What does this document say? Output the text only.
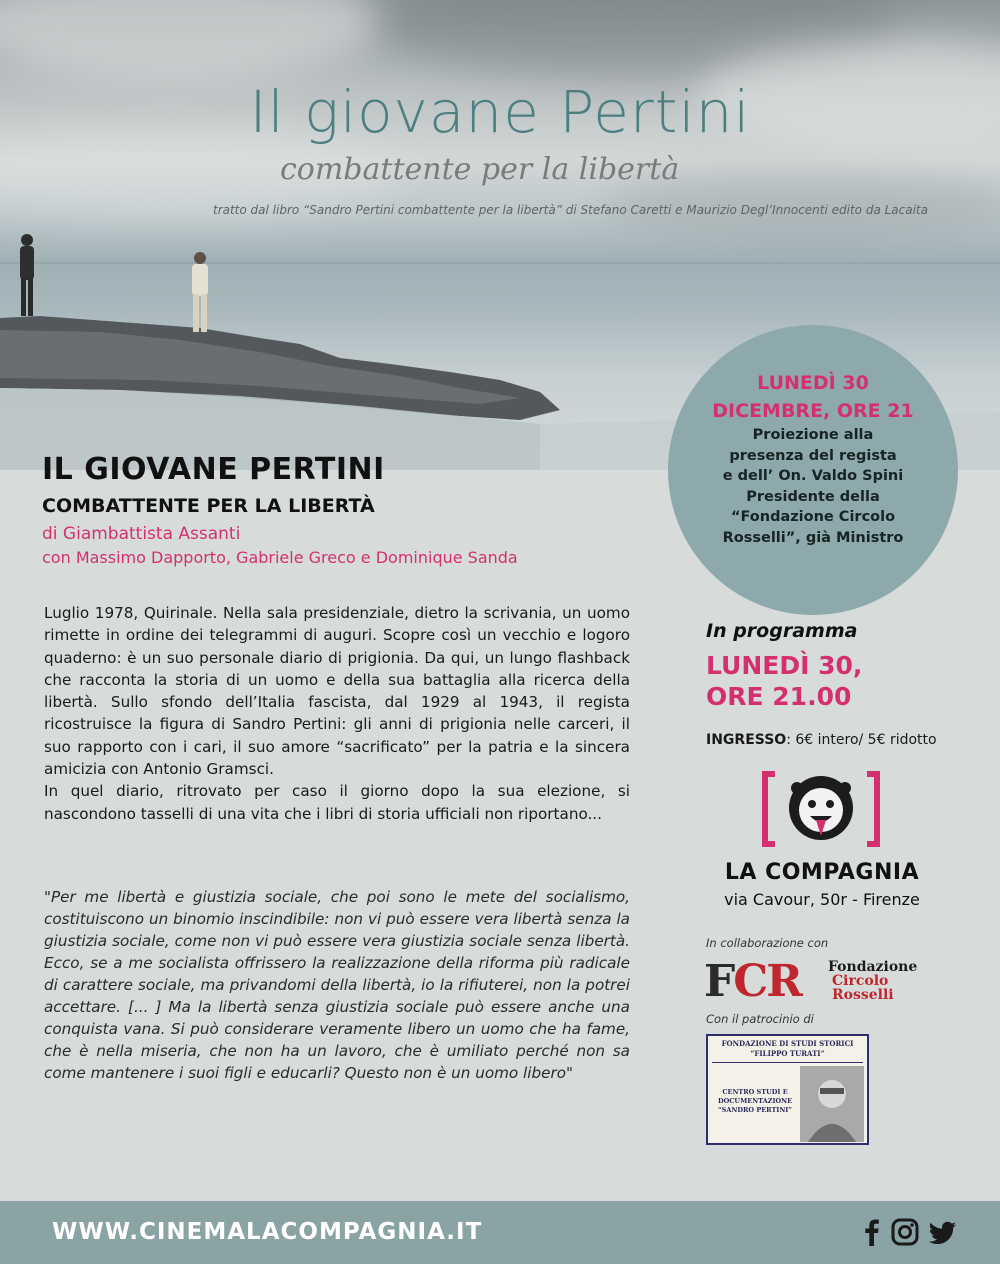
Il giovane Pertini
combattente per la libertà
tratto dal libro “Sandro Pertini combattente per la libertà” di Stefano Caretti e Maurizio Degl’Innocenti edito da Lacaita
IL GIOVANE PERTINI
COMBATTENTE PER LA LIBERTÀ
di Giambattista Assanti
con Massimo Dapporto, Gabriele Greco e Dominique Sanda

Luglio 1978, Quirinale. Nella sala presidenziale, dietro la scrivania, un uomo rimette in ordine dei telegrammi di auguri. Scopre così un vecchio e logoro quaderno: è un suo personale diario di prigionia. Da qui, un lungo flashback che racconta la storia di un uomo e della sua battaglia alla ricerca della libertà. Sullo sfondo dell’Italia fascista, dal 1929 al 1943, il regista ricostruisce la figura di Sandro Pertini: gli anni di prigionia nelle carceri, il suo rapporto con i cari, il suo amore “sacrificato” per la patria e la sincera amicizia con Antonio Gramsci.

In quel diario, ritrovato per caso il giorno dopo la sua elezione, si nascondono tasselli di una vita che i libri di storia ufficiali non riportano...

"Per me libertà e giustizia sociale, che poi sono le mete del socialismo, costituiscono un binomio inscindibile: non vi può essere vera libertà senza la giustizia sociale, come non vi può essere vera giustizia sociale senza libertà. Ecco, se a me socialista offrissero la realizzazione della riforma più radicale di carattere sociale, ma privandomi della libertà, io la rifiuterei, non la potrei accettare. [... ] Ma la libertà senza giustizia sociale può essere anche una conquista vana. Si può considerare veramente libero un uomo che ha fame, che è nella miseria, che non ha un lavoro, che è umiliato perché non sa come mantenere i suoi figli e educarli? Questo non è un uomo libero"
LUNEDÌ 30
DICEMBRE, ORE 21
Proiezione alla
presenza del regista
e dell’ On. Valdo Spini
Presidente della
“Fondazione Circolo
Rosselli”, già Ministro
In programma
LUNEDÌ 30,
ORE 21.00
INGRESSO: 6€ intero/ 5€ ridotto
LA COMPAGNIA
via Cavour, 50r - Firenze
In collaborazione con
FCR Fondazione
Circolo
Rosselli
Con il patrocinio di
FONDAZIONE DI STUDI STORICI
“FILIPPO TURATI”
CENTRO STUDI E
DOCUMENTAZIONE
“SANDRO PERTINI”
WWW.CINEMALACOMPAGNIA.IT
